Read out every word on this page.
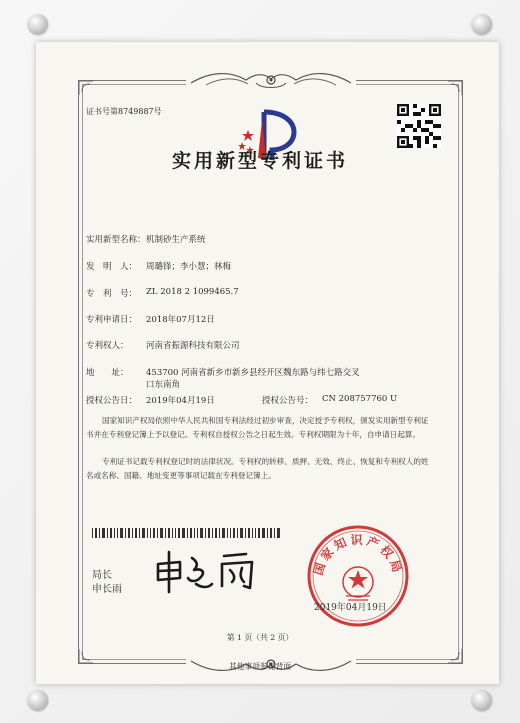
证书号第8749887号
实用新型专利证书
实用新型名称： 机制砂生产系统
发　明　人： 周璐锋；李小慧；林梅
专　利　号： ZL 2018 2 1099465.7
专利申请日： 2018年07月12日
专利权人： 河南省振源科技有限公司
地　　址： 453700 河南省新乡市新乡县经开区魏东路与纬七路交叉
口东南角
授权公告日： 2019年04月19日	授权公告号： CN 208757760 U
国家知识产权局依照中华人民共和国专利法经过初步审查，决定授予专利权，颁发实用新型专利证书并在专利登记簿上予以登记。专利权自授权公告之日起生效。专利权期限为十年，自申请日起算。
专利证书记载专利权登记时的法律状况。专利权的转移、质押、无效、终止、恢复和专利权人的姓名或名称、国籍、地址变更等事项记载在专利登记簿上。
局长
申长雨
国家知识产权局
2019年04月19日
第 1 页（共 2 页）
其他事项参见背面
